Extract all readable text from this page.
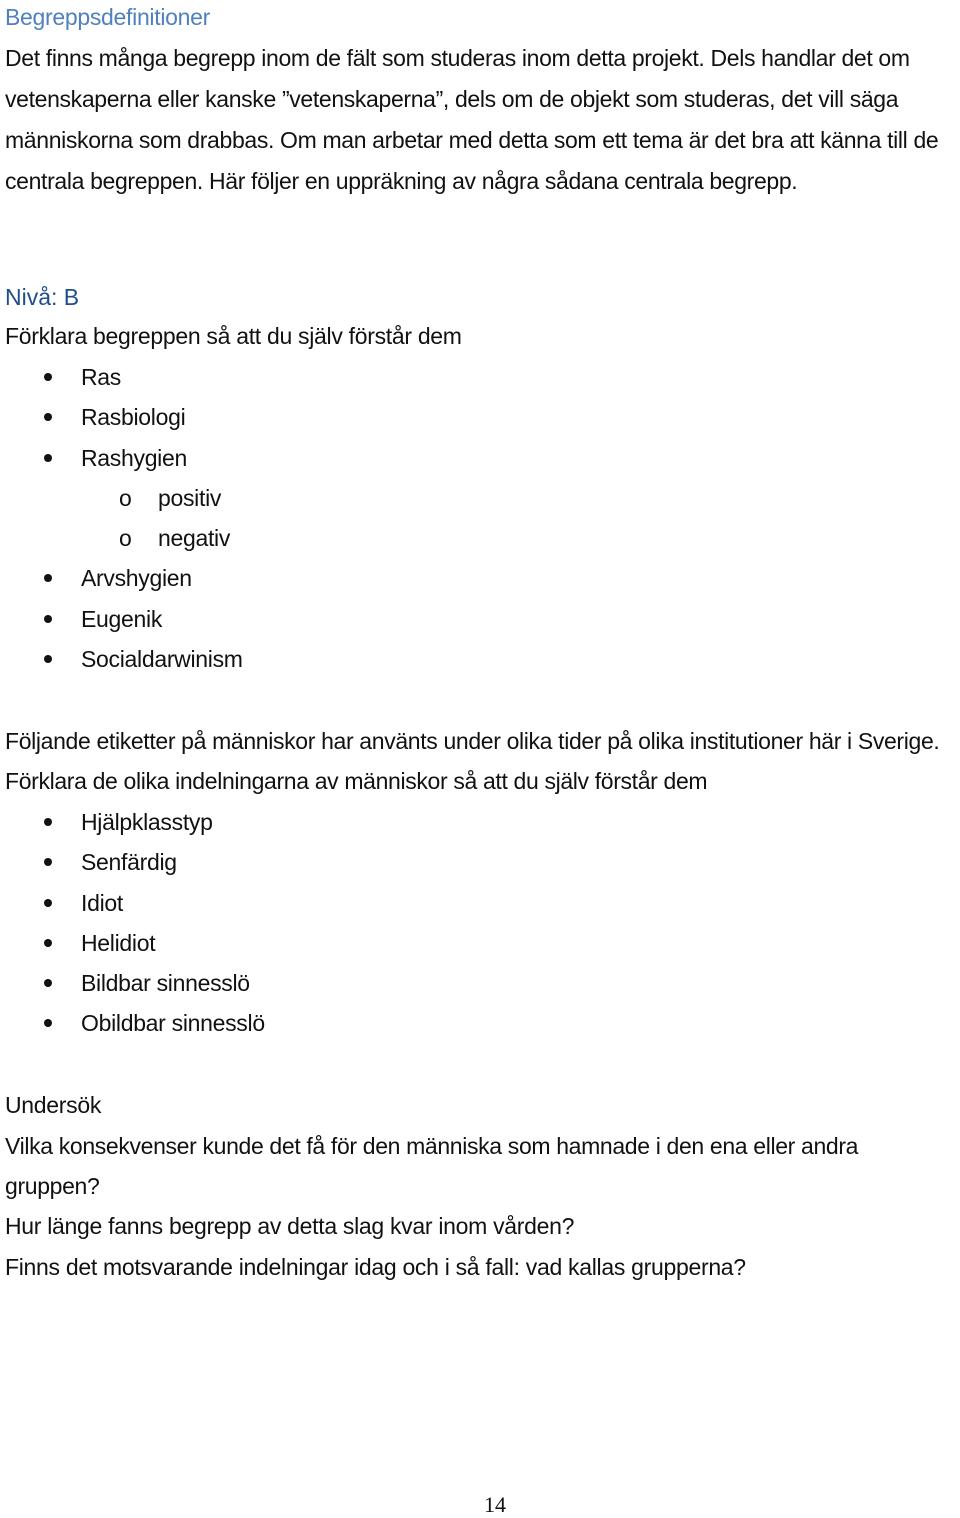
Begreppsdefinitioner

Det finns många begrepp inom de fält som studeras inom detta projekt. Dels handlar det om vetenskaperna eller kanske ”vetenskaperna”, dels om de objekt som studeras, det vill säga människorna som drabbas. Om man arbetar med detta som ett tema är det bra att känna till de centrala begreppen. Här följer en uppräkning av några sådana centrala begrepp.

Nivå: B

Förklara begreppen så att du själv förstår dem

Ras
Rasbiologi
Rashygien
o positiv
o negativ
Arvshygien
Eugenik
Socialdarwinism

Följande etiketter på människor har använts under olika tider på olika institutioner här i Sverige. Förklara de olika indelningarna av människor så att du själv förstår dem

Hjälpklasstyp
Senfärdig
Idiot
Helidiot
Bildbar sinnesslö
Obildbar sinnesslö

Undersök

Vilka konsekvenser kunde det få för den människa som hamnade i den ena eller andra gruppen?

Hur länge fanns begrepp av detta slag kvar inom vården?

Finns det motsvarande indelningar idag och i så fall: vad kallas grupperna?

14
